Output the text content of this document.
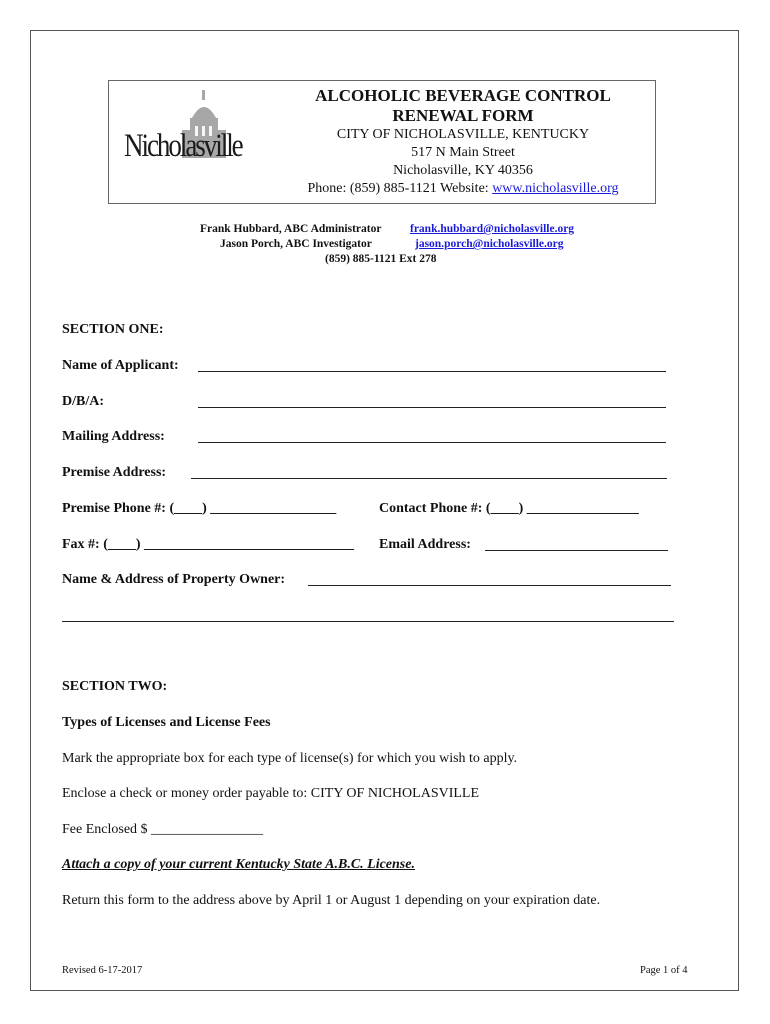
Nicholasville
ALCOHOLIC BEVERAGE CONTROL
RENEWAL FORM
CITY OF NICHOLASVILLE, KENTUCKY
517 N Main Street
Nicholasville, KY 40356
Phone: (859) 885-1121 Website: www.nicholasville.org
Frank Hubbard, ABC Administrator frank.hubbard@nicholasville.org
Jason Porch, ABC Investigator	jason.porch@nicholasville.org
(859) 885-1121 Ext 278
SECTION ONE:
Name of Applicant:
D/B/A:
Mailing Address:
Premise Address:
Premise Phone #: (____) __________________	Contact Phone #: (____) ________________
Fax #: (____) ______________________________ Email Address:
Name & Address of Property Owner:
SECTION TWO:
Types of Licenses and License Fees
Mark the appropriate box for each type of license(s) for which you wish to apply.
Enclose a check or money order payable to: CITY OF NICHOLASVILLE
Fee Enclosed $ ________________
Attach a copy of your current Kentucky State A.B.C. License.
Return this form to the address above by April 1 or August 1 depending on your expiration date.
Revised 6-17-2017	Page 1 of 4
